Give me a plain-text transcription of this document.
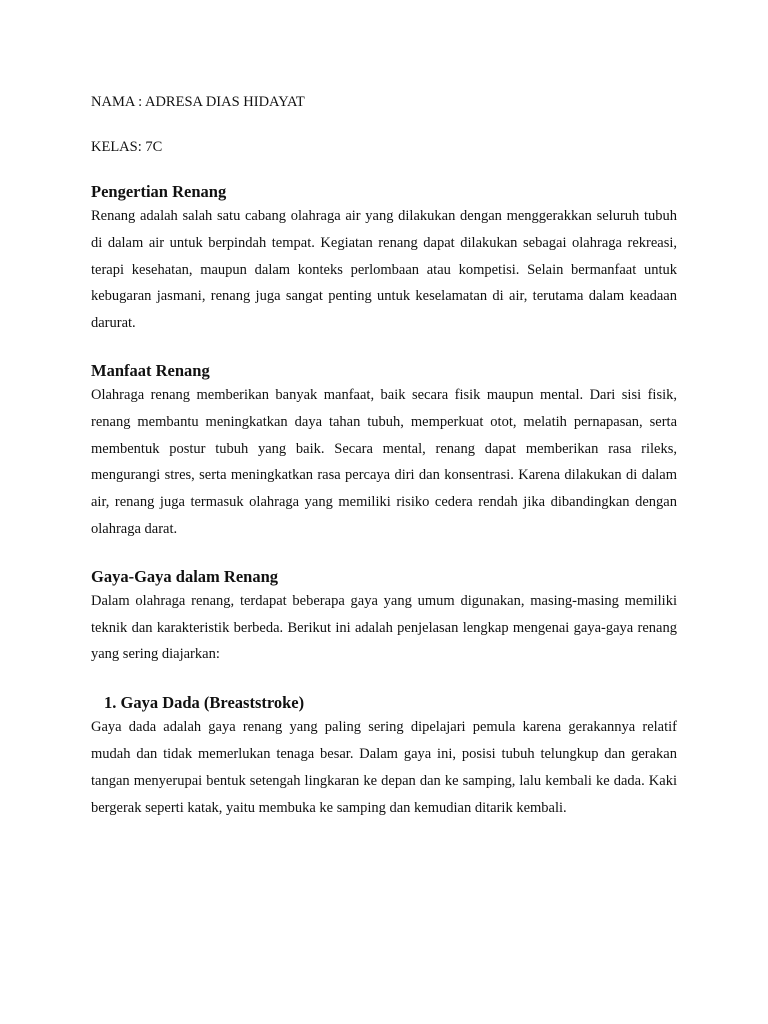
NAMA : ADRESA DIAS HIDAYAT

KELAS: 7C

Pengertian Renang

Renang adalah salah satu cabang olahraga air yang dilakukan dengan menggerakkan seluruh tubuh di dalam air untuk berpindah tempat. Kegiatan renang dapat dilakukan sebagai olahraga rekreasi, terapi kesehatan, maupun dalam konteks perlombaan atau kompetisi. Selain bermanfaat untuk kebugaran jasmani, renang juga sangat penting untuk keselamatan di air, terutama dalam keadaan darurat.

Manfaat Renang

Olahraga renang memberikan banyak manfaat, baik secara fisik maupun mental. Dari sisi fisik, renang membantu meningkatkan daya tahan tubuh, memperkuat otot, melatih pernapasan, serta membentuk postur tubuh yang baik. Secara mental, renang dapat memberikan rasa rileks, mengurangi stres, serta meningkatkan rasa percaya diri dan konsentrasi. Karena dilakukan di dalam air, renang juga termasuk olahraga yang memiliki risiko cedera rendah jika dibandingkan dengan olahraga darat.

Gaya-Gaya dalam Renang

Dalam olahraga renang, terdapat beberapa gaya yang umum digunakan, masing-masing memiliki teknik dan karakteristik berbeda. Berikut ini adalah penjelasan lengkap mengenai gaya-gaya renang yang sering diajarkan:

1. Gaya Dada (Breaststroke)

Gaya dada adalah gaya renang yang paling sering dipelajari pemula karena gerakannya relatif mudah dan tidak memerlukan tenaga besar. Dalam gaya ini, posisi tubuh telungkup dan gerakan tangan menyerupai bentuk setengah lingkaran ke depan dan ke samping, lalu kembali ke dada. Kaki bergerak seperti katak, yaitu membuka ke samping dan kemudian ditarik kembali.
